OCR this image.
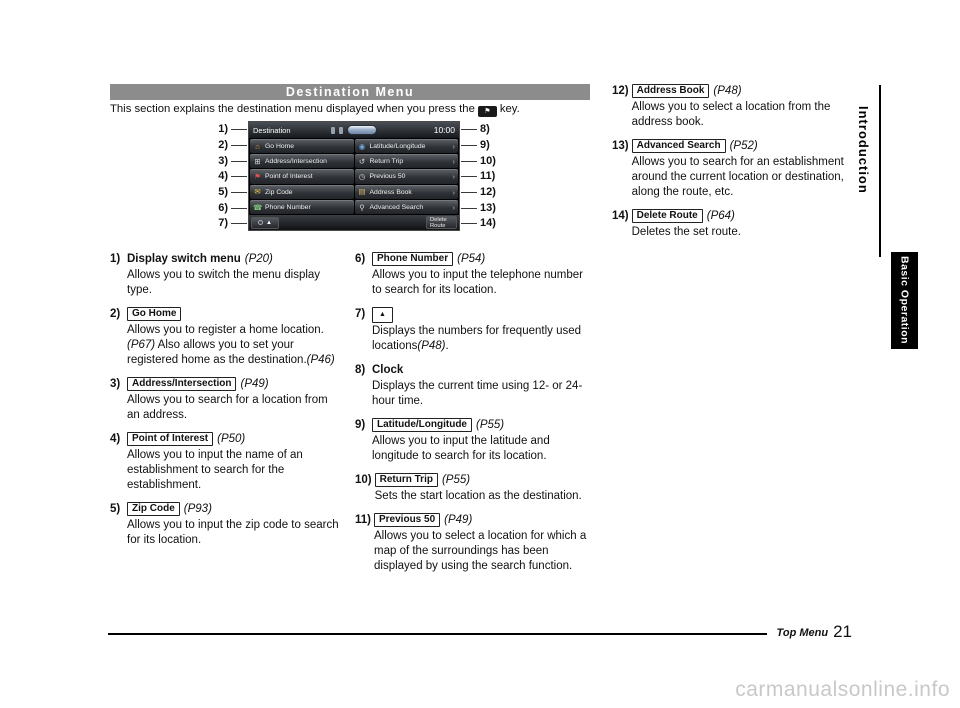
Destination Menu

This section explains the destination menu displayed when you press the ⚑ key.

Destination	10:00
⌂ Go Home	◉ Latitude/Longitude	›
⊞ Address/Intersection	↺ Return Trip	›
⚑ Point of Interest	◷ Previous 50	›
✉ Zip Code	▤ Address Book	›
☎ Phone Number	⚲ Advanced Search	›
▲	Delete Route
1)
2)
3)
4)
5)
6)
7)
8)
9)
10)
11)
12)
13)
14)
1) Display switch menu (P20)
Allows you to switch the menu display type.
2)	Go Home
Allows you to register a home location. (P67) Also allows you to set your registered home as the destination.(P46)
3)	Address/Intersection (P49)
Allows you to search for a location from an address.
4)	Point of Interest (P50)
Allows you to input the name of an establishment to search for the establishment.
5)	Zip Code (P93)
Allows you to input the zip code to search for its location.
6)	Phone Number (P54)
Allows you to input the telephone number to search for its location.
7)	▲
Displays the numbers for frequently used locations(P48).
8) Clock
Displays the current time using 12- or 24-hour time.
9)	Latitude/Longitude (P55)
Allows you to input the latitude and longitude to search for its location.
10) Return Trip (P55)
Sets the start location as the destination.
11) Previous 50 (P49)
Allows you to select a location for which a map of the surroundings has been displayed by using the search function.
12) Address Book (P48)
Allows you to select a location from the address book.
13) Advanced Search (P52)
Allows you to search for an establishment around the current location or destination, along the route, etc.
14) Delete Route (P64)
Deletes the set route.
Introduction
Basic Operation
Top Menu 21
carmanualsonline.info
